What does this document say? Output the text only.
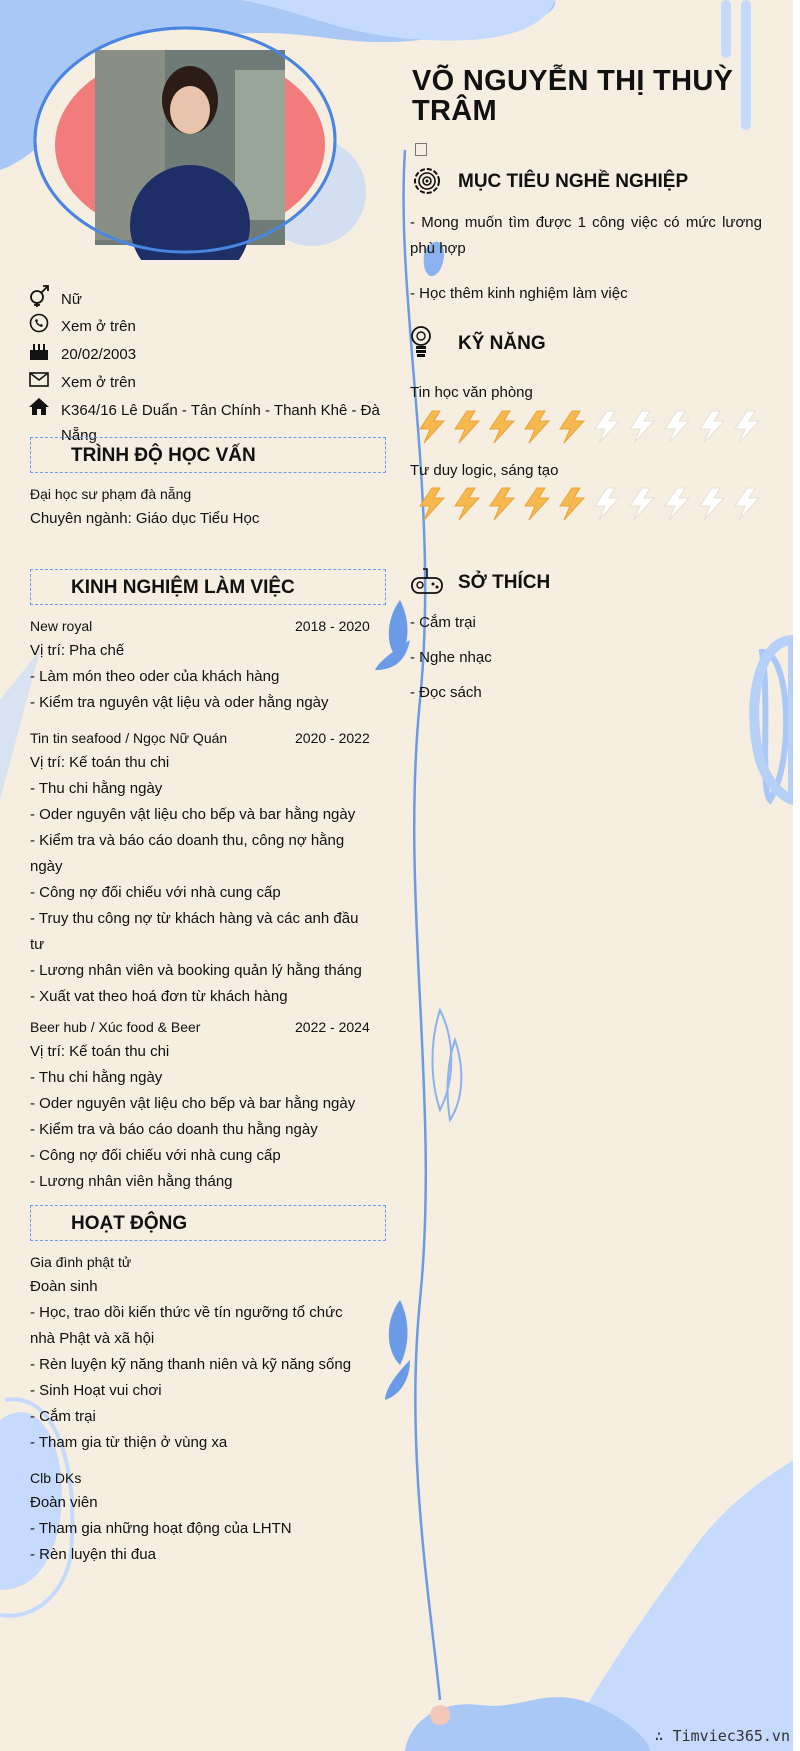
VÕ NGUYỄN THỊ THUỲ TRÂM
Nữ
Xem ở trên
20/02/2003
Xem ở trên
K364/16 Lê Duẩn - Tân Chính - Thanh Khê - Đà Nẵng
TRÌNH ĐỘ HỌC VẤN
Đại học sư phạm đà nẵng
Chuyên ngành: Giáo dục Tiểu Học
KINH NGHIỆM LÀM VIỆC
New royal	2018 - 2020
Vị trí: Pha chế
- Làm món theo oder của khách hàng
- Kiểm tra nguyên vật liệu và oder hằng ngày
Tin tin seafood / Ngọc Nữ Quán	2020 - 2022
Vị trí: Kế toán thu chi
- Thu chi hằng ngày
- Oder nguyên vật liệu cho bếp và bar hằng ngày
- Kiểm tra và báo cáo doanh thu, công nợ hằng ngày
- Công nợ đối chiếu với nhà cung cấp
- Truy thu công nợ từ khách hàng và các anh đầu tư
- Lương nhân viên và booking quản lý hằng tháng
- Xuất vat theo hoá đơn từ khách hàng
Beer hub / Xúc food & Beer	2022 - 2024
Vị trí: Kế toán thu chi
- Thu chi hằng ngày
- Oder nguyên vật liệu cho bếp và bar hằng ngày
- Kiểm tra và báo cáo doanh thu hằng ngày
- Công nợ đối chiếu với nhà cung cấp
- Lương nhân viên hằng tháng
HOẠT ĐỘNG
Gia đình phật tử
Đoàn sinh
- Học, trao dồi kiến thức về tín ngưỡng tổ chức nhà Phật và xã hội
- Rèn luyện kỹ năng thanh niên và kỹ năng sống
- Sinh Hoạt vui chơi
- Cắm trại
- Tham gia từ thiện ở vùng xa
Clb DKs
Đoàn viên
- Tham gia những hoạt động của LHTN
- Rèn luyện thi đua
MỤC TIÊU NGHỀ NGHIỆP
- Mong muốn tìm được 1 công việc có mức lương phù hợp
- Học thêm kinh nghiệm làm việc
KỸ NĂNG
Tin học văn phòng
Tư duy logic, sáng tạo
SỞ THÍCH
- Cắm trại
- Nghe nhạc
- Đọc sách
∴ Timviec365.vn
